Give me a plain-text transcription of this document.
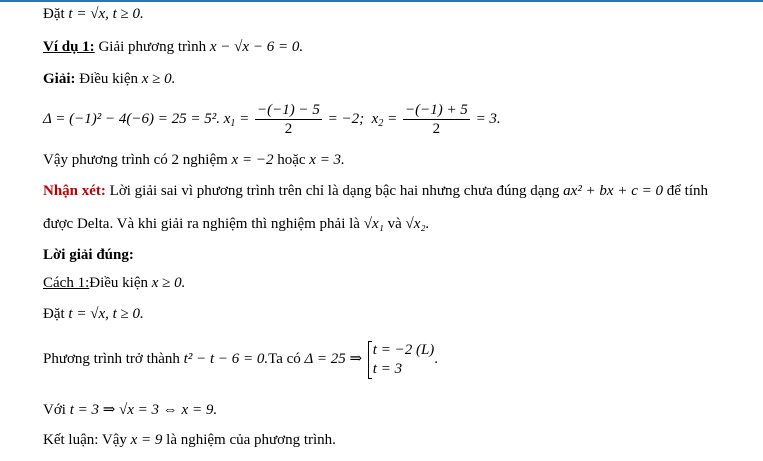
Đặt t = √x, t ≥ 0.
Ví dụ 1: Giải phương trình x − √x − 6 = 0.
Giải: Điều kiện x ≥ 0.
Δ = (−1)² − 4(−6) = 25 = 5². $x_1 = \frac{-(-1) - 5}{2} = -2$;  $x_2 = \frac{-(-1) + 5}{2} = 3$.
Vậy phương trình có 2 nghiệm x = −2 hoặc x = 3.
Nhận xét: Lời giải sai vì phương trình trên chỉ là dạng bậc hai nhưng chưa đúng dạng ax² + bx + c = 0 để tính
được Delta. Và khi giải ra nghiệm thì nghiệm phải là √x₁ và √x₂.
Lời giải đúng:
Cách 1:Điều kiện x ≥ 0.
Đặt t = √x, t ≥ 0.
Phương trình trở thành t² − t − 6 = 0.Ta có Δ = 25 ⇒
t = −2 (L)
t = 3
.
Với t = 3 ⇒ √x = 3 ⇔ x = 9.
Kết luận: Vậy x = 9 là nghiệm của phương trình.
